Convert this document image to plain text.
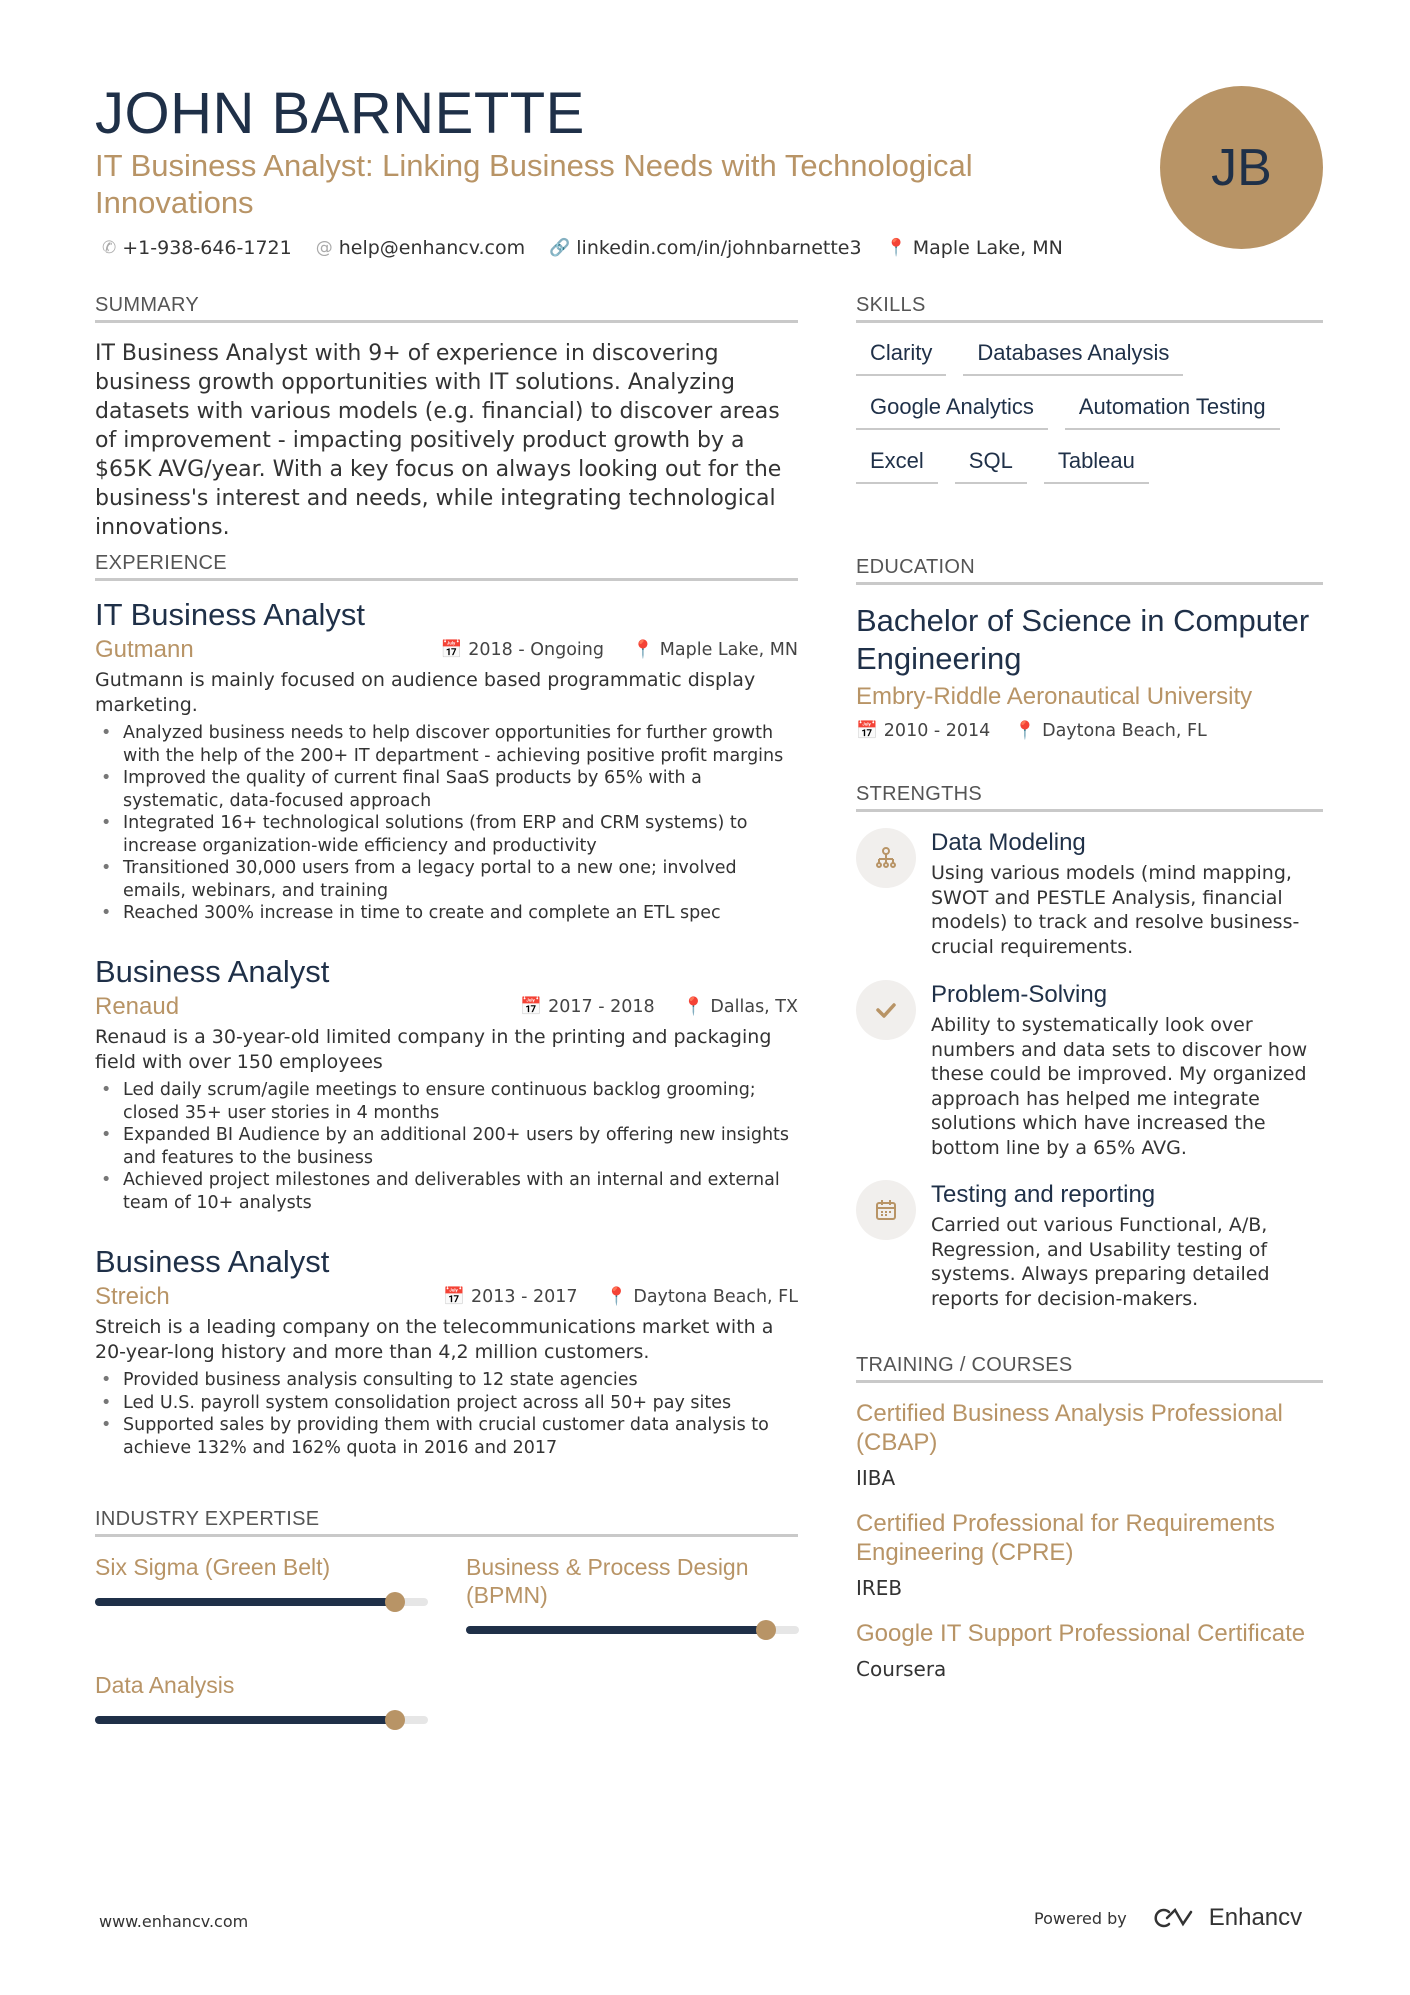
JOHN BARNETTE
IT Business Analyst: Linking Business Needs with Technological Innovations
✆ +1-938-646-1721 @ help@enhancv.com 🔗 linkedin.com/in/johnbarnette3 📍 Maple Lake, MN
JB
SUMMARY
IT Business Analyst with 9+ of experience in discovering business growth opportunities with IT solutions. Analyzing datasets with various models (e.g. financial) to discover areas of improvement - impacting positively product growth by a $65K AVG/year. With a key focus on always looking out for the business's interest and needs, while integrating technological innovations.
EXPERIENCE
IT Business Analyst
Gutmann	📅 2018 - Ongoing 📍 Maple Lake, MN
Gutmann is mainly focused on audience based programmatic display marketing.
• Analyzed business needs to help discover opportunities for further growth with the help of the 200+ IT department - achieving positive profit margins
• Improved the quality of current final SaaS products by 65% with a systematic, data-focused approach
• Integrated 16+ technological solutions (from ERP and CRM systems) to increase organization-wide efficiency and productivity
• Transitioned 30,000 users from a legacy portal to a new one; involved emails, webinars, and training
• Reached 300% increase in time to create and complete an ETL spec
Business Analyst
Renaud	📅 2017 - 2018 📍 Dallas, TX
Renaud is a 30-year-old limited company in the printing and packaging field with over 150 employees
• Led daily scrum/agile meetings to ensure continuous backlog grooming; closed 35+ user stories in 4 months
• Expanded BI Audience by an additional 200+ users by offering new insights and features to the business
• Achieved project milestones and deliverables with an internal and external team of 10+ analysts
Business Analyst
Streich	📅 2013 - 2017 📍 Daytona Beach, FL
Streich is a leading company on the telecommunications market with a 20-year-long history and more than 4,2 million customers.
• Provided business analysis consulting to 12 state agencies
• Led U.S. payroll system consolidation project across all 50+ pay sites
• Supported sales by providing them with crucial customer data analysis to achieve 132% and 162% quota in 2016 and 2017
INDUSTRY EXPERTISE
Six Sigma (Green Belt)	Business & Process Design (BPMN)
Data Analysis
SKILLS
Clarity	Databases Analysis
Google Analytics	Automation Testing
Excel	SQL	Tableau
EDUCATION
Bachelor of Science in Computer Engineering
Embry-Riddle Aeronautical University
📅 2010 - 2014 📍 Daytona Beach, FL
STRENGTHS
Data Modeling
Using various models (mind mapping, SWOT and PESTLE Analysis, financial models) to track and resolve business-crucial requirements.
Problem-Solving
Ability to systematically look over numbers and data sets to discover how these could be improved. My organized approach has helped me integrate solutions which have increased the bottom line by a 65% AVG.
Testing and reporting
Carried out various Functional, A/B, Regression, and Usability testing of systems. Always preparing detailed reports for decision-makers.
TRAINING / COURSES
Certified Business Analysis Professional (CBAP)
IIBA
Certified Professional for Requirements Engineering (CPRE)
IREB
Google IT Support Professional Certificate
Coursera
www.enhancv.com	Powered by	Enhancv
